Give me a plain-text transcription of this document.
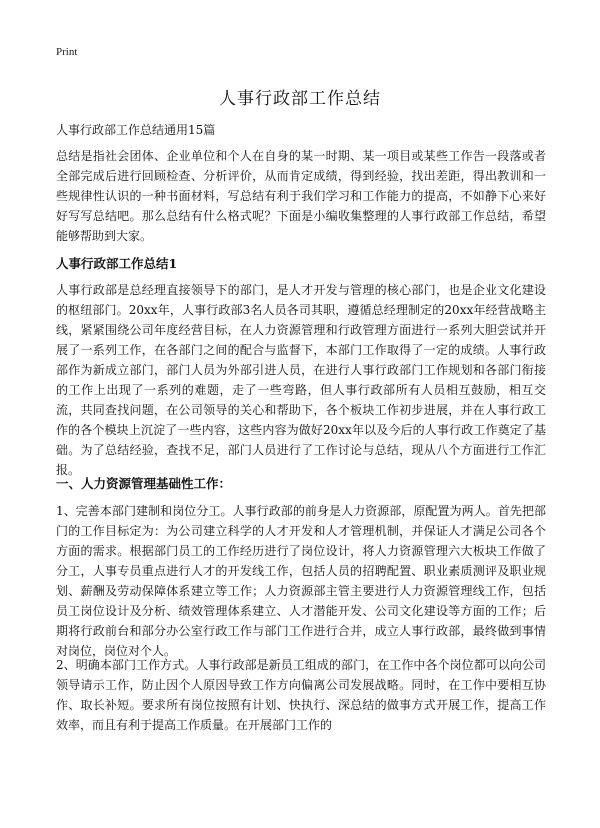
Print
人事行政部工作总结
人事行政部工作总结通用15篇

总结是指社会团体、企业单位和个人在自身的某一时期、某一项目或某些工作告一段落或者全部完成后进行回顾检查、分析评价，从而肯定成绩，得到经验，找出差距，得出教训和一些规律性认识的一种书面材料，写总结有利于我们学习和工作能力的提高，不如静下心来好好写写总结吧。那么总结有什么格式呢？下面是小编收集整理的人事行政部工作总结，希望能够帮助到大家。

人事行政部工作总结1

人事行政部是总经理直接领导下的部门，是人才开发与管理的核心部门，也是企业文化建设的枢纽部门。20xx年，人事行政部3名人员各司其职，遵循总经理制定的20xx年经营战略主线，紧紧围绕公司年度经营目标，在人力资源管理和行政管理方面进行一系列大胆尝试并开展了一系列工作，在各部门之间的配合与监督下，本部门工作取得了一定的成绩。人事行政部作为新成立部门，部门人员为外部引进人员，在进行人事行政部门工作规划和各部门衔接的工作上出现了一系列的难题，走了一些弯路，但人事行政部所有人员相互鼓励，相互交流，共同查找问题，在公司领导的关心和帮助下，各个板块工作初步进展，并在人事行政工作的各个模块上沉淀了一些内容，这些内容为做好20xx年以及今后的人事行政工作奠定了基础。为了总结经验，查找不足，部门人员进行了工作讨论与总结，现从八个方面进行工作汇报。

一、人力资源管理基础性工作：

1、完善本部门建制和岗位分工。人事行政部的前身是人力资源部，原配置为两人。首先把部门的工作目标定为：为公司建立科学的人才开发和人才管理机制，并保证人才满足公司各个方面的需求。根据部门员工的工作经历进行了岗位设计，将人力资源管理六大板块工作做了分工，人事专员重点进行人才的开发线工作，包括人员的招聘配置、职业素质测评及职业规划、薪酬及劳动保障体系建立等工作；人力资源部主管主要进行人力资源管理线工作，包括员工岗位设计及分析、绩效管理体系建立、人才潜能开发、公司文化建设等方面的工作；后期将行政前台和部分办公室行政工作与部门工作进行合并，成立人事行政部，最终做到事情对岗位，岗位对个人。

2、明确本部门工作方式。人事行政部是新员工组成的部门，在工作中各个岗位都可以向公司领导请示工作，防止因个人原因导致工作方向偏离公司发展战略。同时，在工作中要相互协作、取长补短。要求所有岗位按照有计划、快执行、深总结的做事方式开展工作，提高工作效率，而且有利于提高工作质量。在开展部门工作的
